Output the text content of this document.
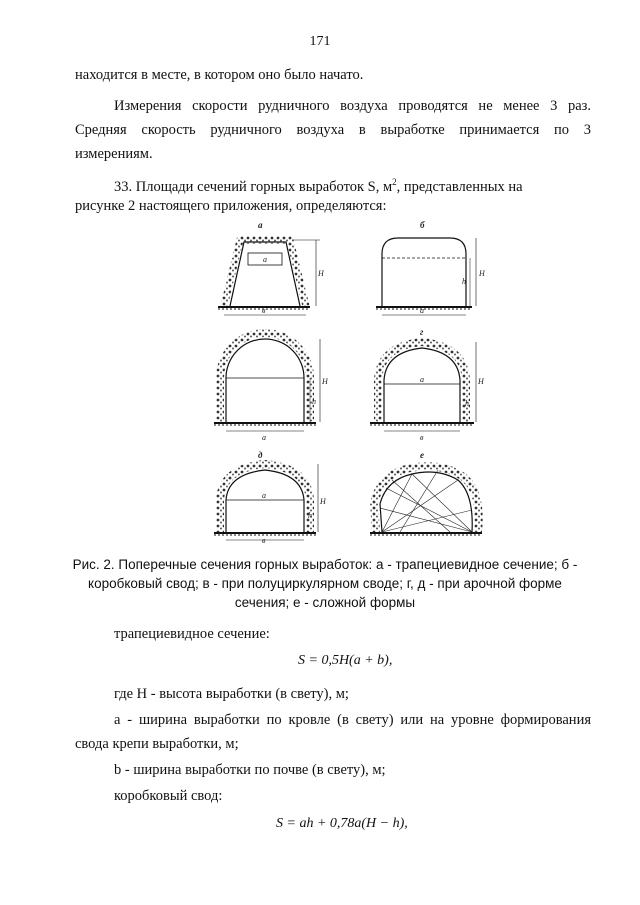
171
находится в месте, в котором оно было начато.
Измерения скорости рудничного воздуха проводятся не менее 3 раз.
Средняя скорость рудничного воздуха в выработке принимается по 3
измерениям.
33. Площади сечений горных выработок S, $м^2$, представленных на
рисунке 2 настоящего приложения, определяются:
а
а
в
H
б
а
H
h
в
а
H
h
г
а
в
H
h
д
а
в
H
h
е
Рис. 2. Поперечные сечения горных выработок: а - трапециевидное сечение; б -
коробковый свод; в - при полуциркулярном своде; г, д - при арочной форме
сечения; е - сложной формы
трапециевидное сечение:
S = 0,5H(a + b),
где H - высота выработки (в свету), м;
a - ширина выработки по кровле (в свету) или на уровне формирования
свода крепи выработки, м;
b - ширина выработки по почве (в свету), м;
коробковый свод:
S = ah + 0,78a(H − h),
